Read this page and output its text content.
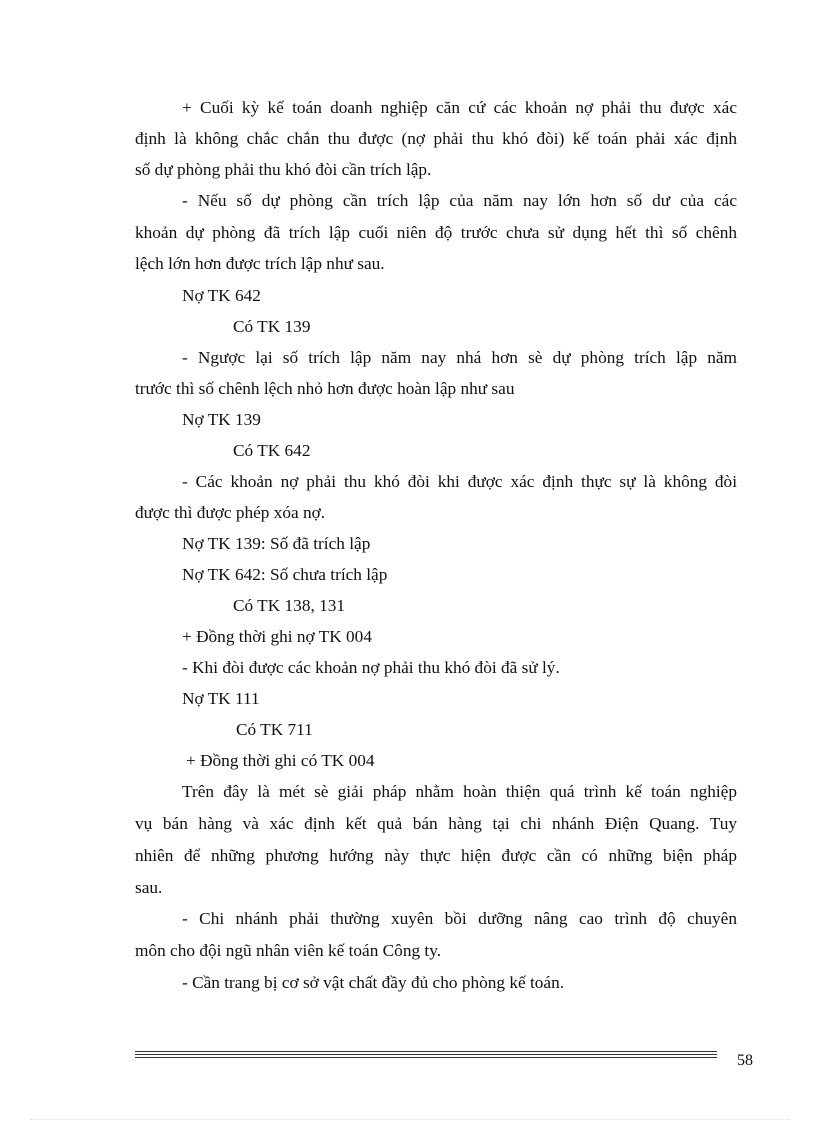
+ Cuối kỳ kế toán doanh nghiệp căn cứ các khoản nợ phải thu được xác
định là không chắc chắn thu được (nợ phải thu khó đòi) kế toán phải xác định
số dự phòng phải thu khó đòi cần trích lập.
- Nếu số dự phòng cần trích lập của năm nay lớn hơn số dư của các
khoản dự phòng đã trích lập cuối niên độ trước chưa sử dụng hết thì số chênh
lệch lớn hơn được trích lập như sau.
Nợ TK 642
Có TK 139
- Ngược lại số trích lập năm nay nhá hơn sè dự phòng trích lập năm
trước thì số chênh lệch nhỏ hơn được hoàn lập như sau
Nợ TK 139
Có TK 642
- Các khoản nợ phải thu khó đòi khi được xác định thực sự là không đòi
được thì được phép xóa nợ.
Nợ TK 139: Số đã trích lập
Nợ TK 642: Số chưa trích lập
Có TK 138, 131
+ Đồng thời ghi nợ TK 004
- Khi đòi được các khoản nợ phải thu khó đòi đã sử lý.
Nợ TK 111
Có TK 711
+ Đồng thời ghi có TK 004
Trên đây là mét sè giải pháp nhằm hoàn thiện quá trình kế toán nghiệp
vụ bán hàng và xác định kết quả bán hàng tại chi nhánh Điện Quang. Tuy
nhiên để những phương hướng này thực hiện được cần có những biện pháp
sau.
- Chi nhánh phải thường xuyên bồi dưỡng nâng cao trình độ chuyên
môn cho đội ngũ nhân viên kế toán Công ty.
- Cần trang bị cơ sở vật chất đầy đủ cho phòng kế toán.
58
